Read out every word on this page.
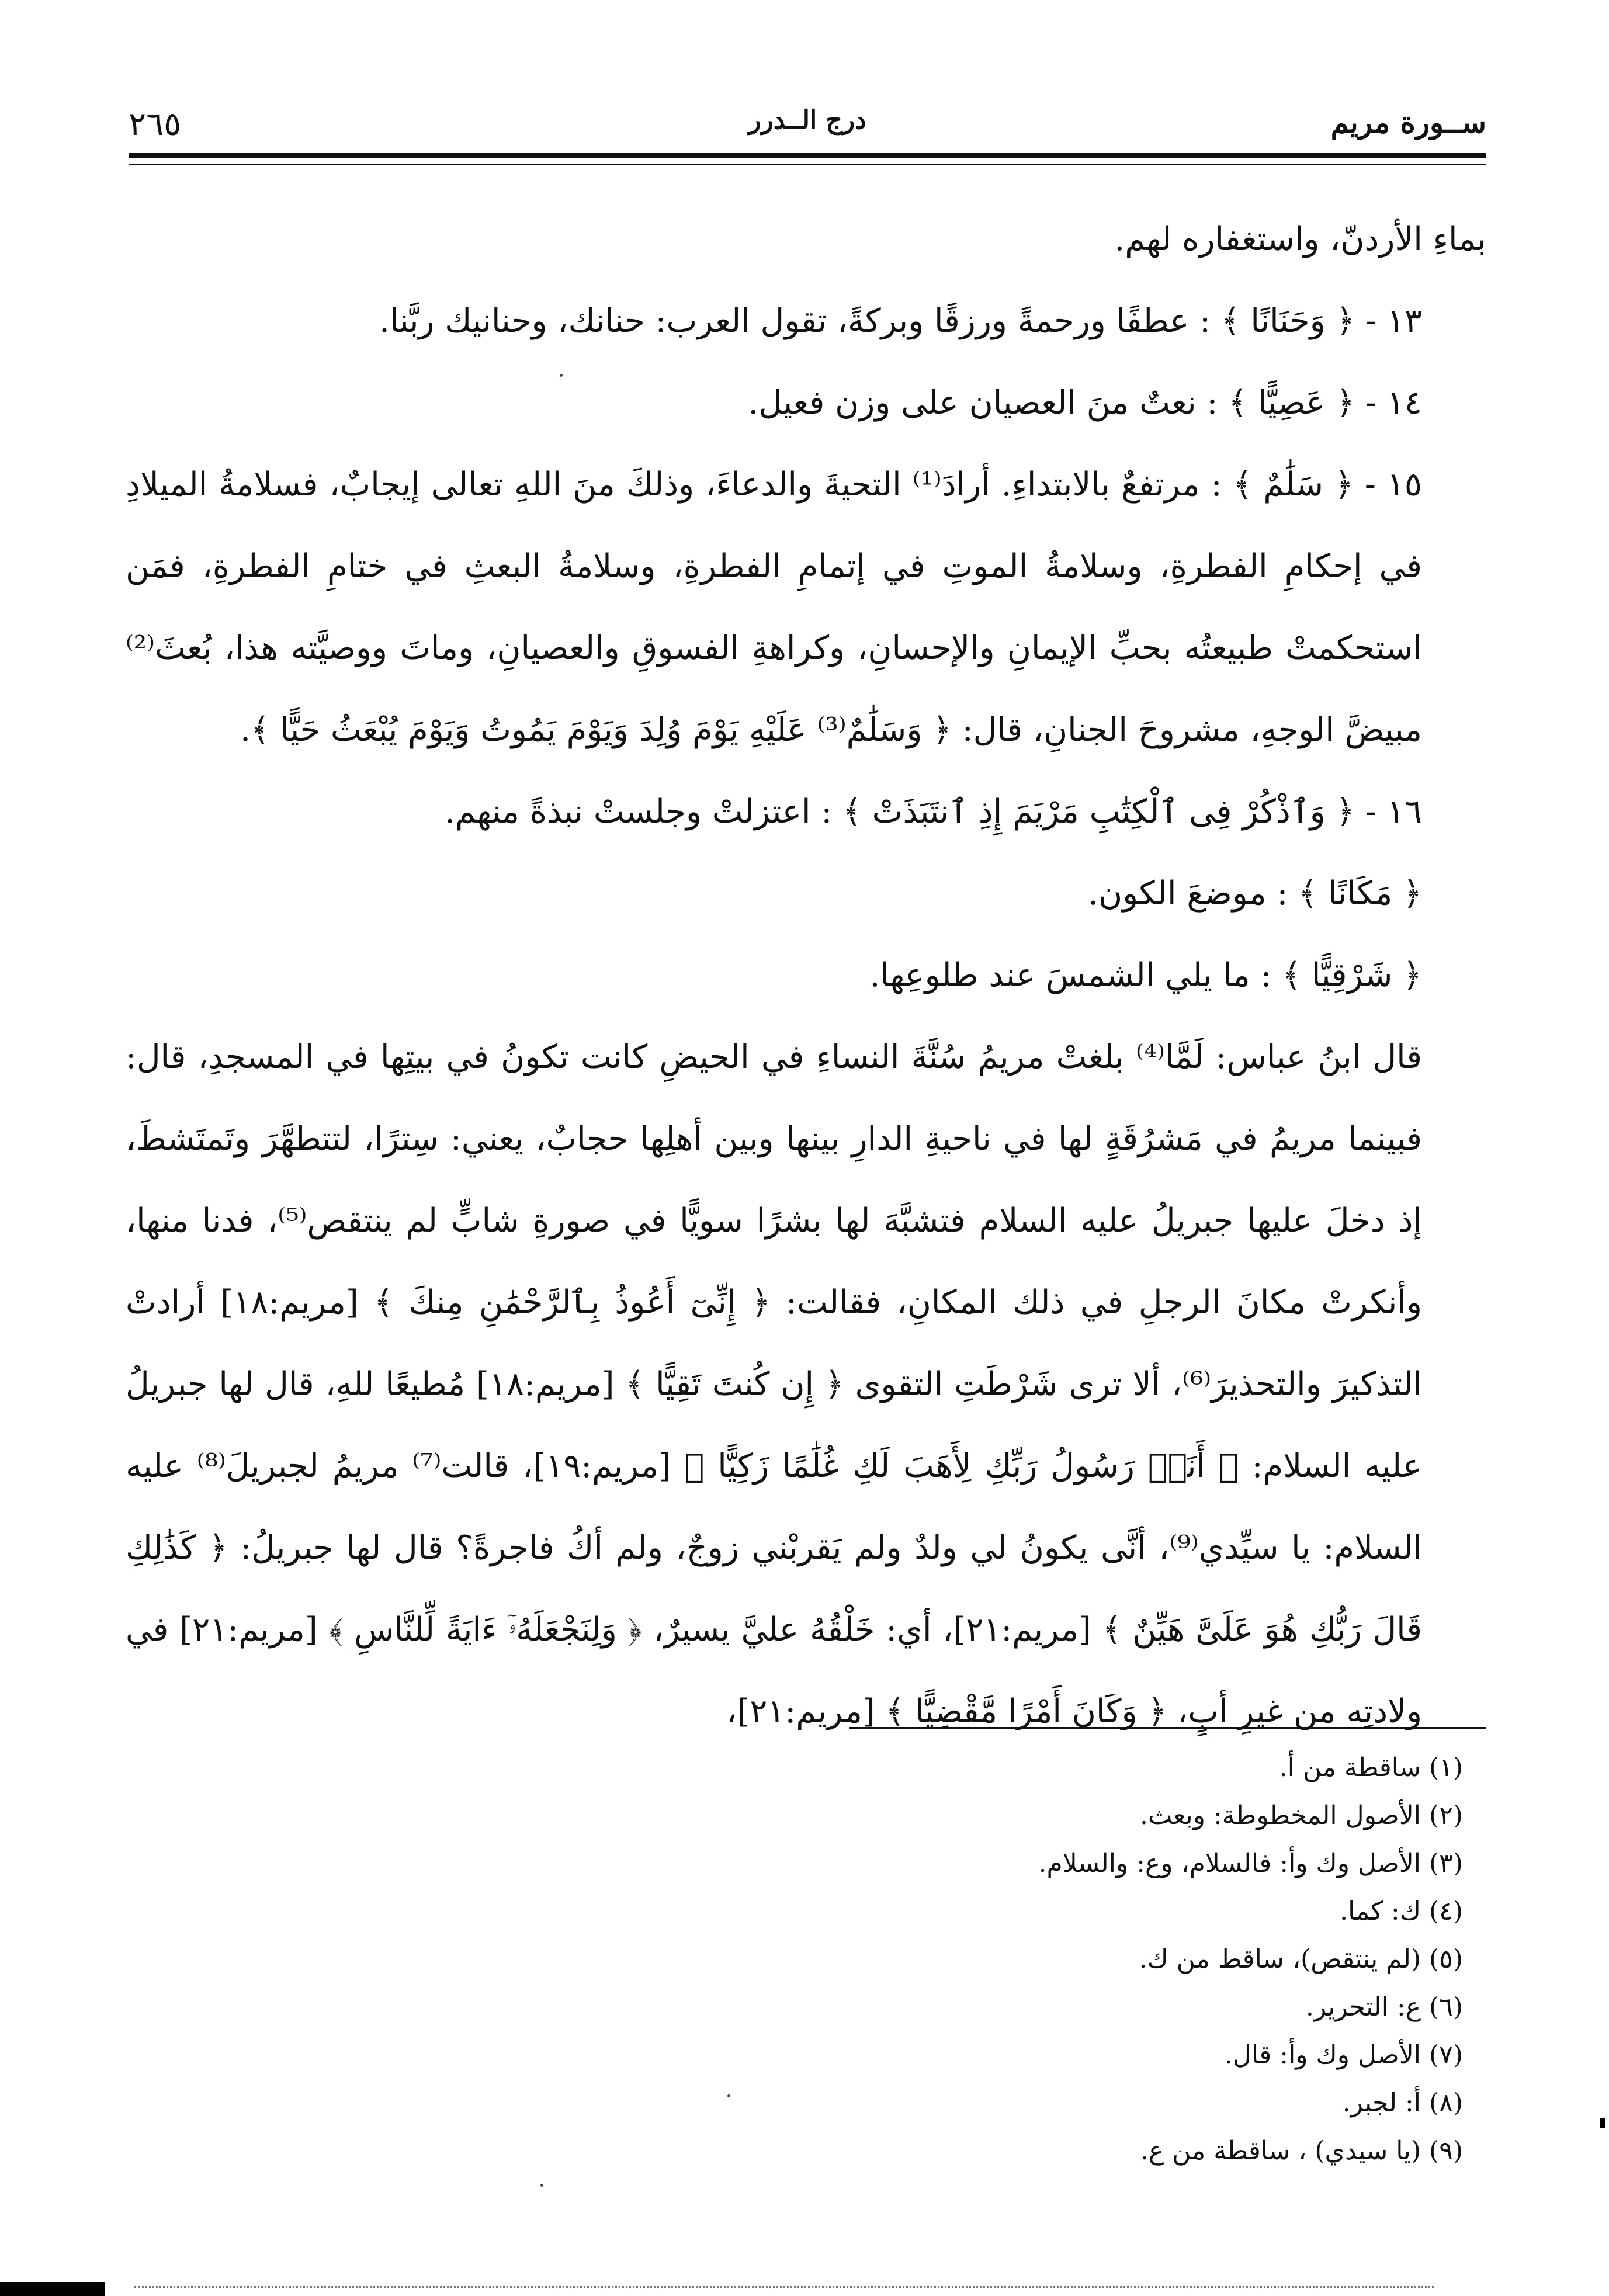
ســورة مريم
درج الــدرر
٢٦٥

بماءِ الأردنّ، واستغفاره لهم.

١٣ - ﴿ وَحَنَانًا ﴾ : عطفًا ورحمةً ورزقًا وبركةً، تقول العرب: حنانك، وحنانيك ربَّنا.

١٤ - ﴿ عَصِيًّا ﴾ : نعتٌ منَ العصيان على وزن فعيل.

١٥ - ﴿ سَلَٰمٌ ﴾ : مرتفعٌ بالابتداءِ. أرادَ⁽¹⁾ التحيةَ والدعاءَ، وذلكَ منَ اللهِ تعالى إيجابٌ، فسلامةُ الميلادِ في إحكامِ الفطرةِ، وسلامةُ الموتِ في إتمامِ الفطرةِ، وسلامةُ البعثِ في ختامِ الفطرةِ، فمَن استحكمتْ طبيعتُه بحبِّ الإيمانِ والإحسانِ، وكراهةِ الفسوقِ والعصيانِ، وماتَ ووصيَّته هذا، بُعثَ⁽²⁾ مبيضَّ الوجهِ، مشروحَ الجنانِ، قال: ﴿ وَسَلَٰمٌ⁽³⁾ عَلَيْهِ يَوْمَ وُلِدَ وَيَوْمَ يَمُوتُ وَيَوْمَ يُبْعَثُ حَيًّا ﴾.

١٦ - ﴿ وَٱذْكُرْ فِى ٱلْكِتَٰبِ مَرْيَمَ إِذِ ٱنتَبَذَتْ ﴾ : اعتزلتْ وجلستْ نبذةً منهم.

﴿ مَكَانًا ﴾ : موضعَ الكون.

﴿ شَرْقِيًّا ﴾ : ما يلي الشمسَ عند طلوعِها.

قال ابنُ عباس: لَمَّا⁽⁴⁾ بلغتْ مريمُ سُنَّةَ النساءِ في الحيضِ كانت تكونُ في بيتِها في المسجدِ، قال: فبينما مريمُ في مَشرُقَةٍ لها في ناحيةِ الدارِ بينها وبين أهلِها حجابٌ، يعني: سِترًا، لتتطهَّرَ وتَمتَشطَ، إذ دخلَ عليها جبريلُ عليه السلام فتشبَّهَ لها بشرًا سويًّا في صورةِ شابٍّ لم ينتقص⁽⁵⁾، فدنا منها، وأنكرتْ مكانَ الرجلِ في ذلك المكانِ، فقالت: ﴿ إِنِّىٓ أَعُوذُ بِٱلرَّحْمَٰنِ مِنكَ ﴾ [مريم:١٨] أرادتْ التذكيرَ والتحذيرَ⁽⁶⁾، ألا ترى شَرْطَتِ التقوى ﴿ إِن كُنتَ تَقِيًّا ﴾ [مريم:١٨] مُطيعًا للهِ، قال لها جبريلُ عليه السلام: ﴿ أَنَا۠ رَسُولُ رَبِّكِ لِأَهَبَ لَكِ غُلَٰمًا زَكِيًّا ﴾ [مريم:١٩]، قالت⁽⁷⁾ مريمُ لجبريلَ⁽⁸⁾ عليه السلام: يا سيِّدي⁽⁹⁾، أنَّى يكونُ لي ولدٌ ولم يَقربْني زوجٌ، ولم أكُ فاجرةً؟ قال لها جبريلُ: ﴿ كَذَٰلِكِ قَالَ رَبُّكِ هُوَ عَلَىَّ هَيِّنٌ ﴾ [مريم:٢١]، أي: خَلْقُهُ عليَّ يسيرٌ، ﴿ وَلِنَجْعَلَهُۥٓ ءَايَةً لِّلنَّاسِ ﴾ [مريم:٢١] في ولادتِه من غيرِ أبٍ، ﴿ وَكَانَ أَمْرًا مَّقْضِيًّا ﴾ [مريم:٢١]،

(١) ساقطة من أ.
(٢) الأصول المخطوطة: وبعث.
(٣) الأصل وك وأ: فالسلام، وع: والسلام.
(٤) ك: كما.
(٥) (لم ينتقص)، ساقط من ك.
(٦) ع: التحرير.
(٧) الأصل وك وأ: قال.
(٨) أ: لجبر.
(٩) (يا سيدي) ، ساقطة من ع.
